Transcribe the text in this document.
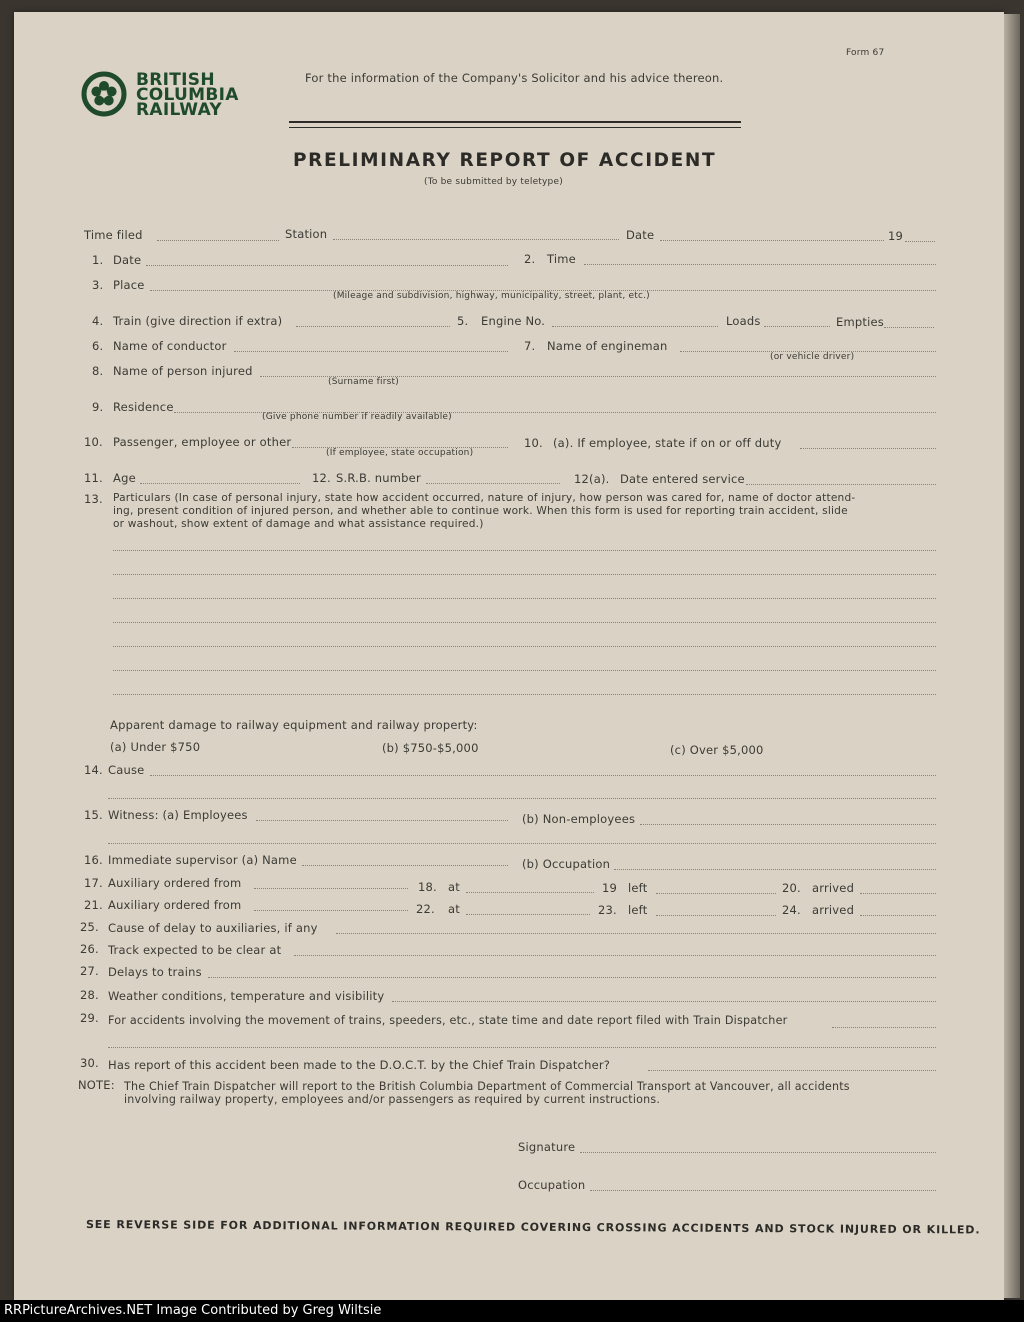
Form 67
BRITISH
COLUMBIA
RAILWAY
For the information of the Company's Solicitor and his advice thereon.
PRELIMINARY REPORT OF ACCIDENT
(To be submitted by teletype)
Time filed	Station	Date	19
1. Date	2. Time
3. Place
(Mileage and subdivision, highway, municipality, street, plant, etc.)
4. Train (give direction if extra)	5. Engine No.	Loads	Empties
6. Name of conductor	7. Name of engineman
(or vehicle driver)
8. Name of person injured
(Surname first)
9. Residence
(Give phone number if readily available)
10. Passenger, employee or other
(If employee, state occupation)
10. (a). If employee, state if on or off duty
11. Age	12. S.R.B. number	12(a). Date entered service
13. Particulars (In case of personal injury, state how accident occurred, nature of injury, how person was cared for, name of doctor attend-
ing, present condition of injured person, and whether able to continue work. When this form is used for reporting train accident, slide
or washout, show extent of damage and what assistance required.)
Apparent damage to railway equipment and railway property:
(a) Under $750	(b) $750-$5,000	(c) Over $5,000
14. Cause
15. Witness: (a) Employees	(b) Non-employees
16. Immediate supervisor (a) Name	(b) Occupation
17. Auxiliary ordered from	18. at	19 left	20. arrived
21. Auxiliary ordered from	22. at	23. left	24. arrived
25. Cause of delay to auxiliaries, if any
26. Track expected to be clear at
27. Delays to trains
28. Weather conditions, temperature and visibility
29. For accidents involving the movement of trains, speeders, etc., state time and date report filed with Train Dispatcher
30. Has report of this accident been made to the D.O.C.T. by the Chief Train Dispatcher?
NOTE: The Chief Train Dispatcher will report to the British Columbia Department of Commercial Transport at Vancouver, all accidents
involving railway property, employees and/or passengers as required by current instructions.
Signature
Occupation
SEE REVERSE SIDE FOR ADDITIONAL INFORMATION REQUIRED COVERING CROSSING ACCIDENTS AND STOCK INJURED OR KILLED.
RRPictureArchives.NET Image Contributed by Greg Wiltsie
